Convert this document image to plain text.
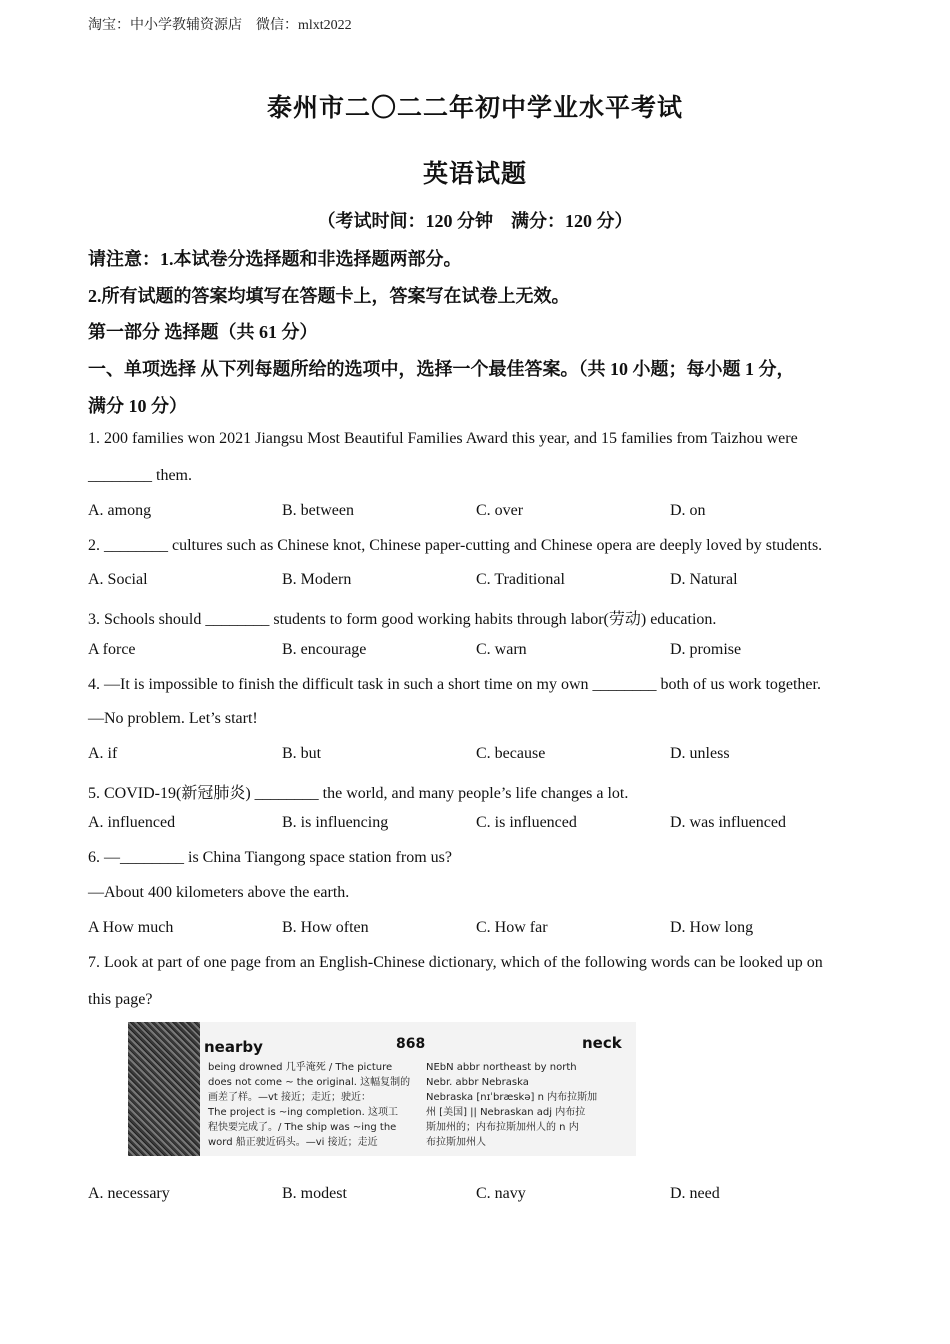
淘宝：中小学教辅资源店　微信：mlxt2022
泰州市二〇二二年初中学业水平考试
英语试题
（考试时间：120 分钟　满分：120 分）
请注意：1.本试卷分选择题和非选择题两部分。
2.所有试题的答案均填写在答题卡上，答案写在试卷上无效。
第一部分 选择题（共 61 分）
一、单项选择 从下列每题所给的选项中，选择一个最佳答案。（共 10 小题；每小题 1 分，
满分 10 分）
1. 200 families won 2021 Jiangsu Most Beautiful Families Award this year, and 15 families from Taizhou were
________ them.
A. among	B. between	C. over	D. on
2. ________ cultures such as Chinese knot, Chinese paper-cutting and Chinese opera are deeply loved by students.
A. Social	B. Modern	C. Traditional	D. Natural
3. Schools should ________ students to form good working habits through labor(劳动) education.
A force	B. encourage	C. warn	D. promise
4. —It is impossible to finish the difficult task in such a short time on my own ________ both of us work together.
—No problem. Let’s start!
A. if	B. but	C. because	D. unless
5. COVID-19(新冠肺炎) ________ the world, and many people’s life changes a lot.
A. influenced	B. is influencing	C. is influenced	D. was influenced
6. —________ is China Tiangong space station from us?
—About 400 kilometers above the earth.
A How much	B. How often	C. How far	D. How long
7. Look at part of one page from an English-Chinese dictionary, which of the following words can be looked up on
this page?
nearby	868	neck
being drowned 几乎淹死 / The picture
does not come ~ the original. 这幅复制的
画差了样。—vt 接近；走近；驶近：
The project is ~ing completion. 这项工
程快要完成了。/ The ship was ~ing the
word 船正驶近码头。—vi 接近；走近
NEbN abbr northeast by north
Nebr. abbr Nebraska
Nebraska [nɪˈbræskə] n 内布拉斯加
州 [美国] || Nebraskan adj 内布拉
斯加州的；内布拉斯加州人的 n 内
布拉斯加州人
A. necessary	B. modest	C. navy	D. need
